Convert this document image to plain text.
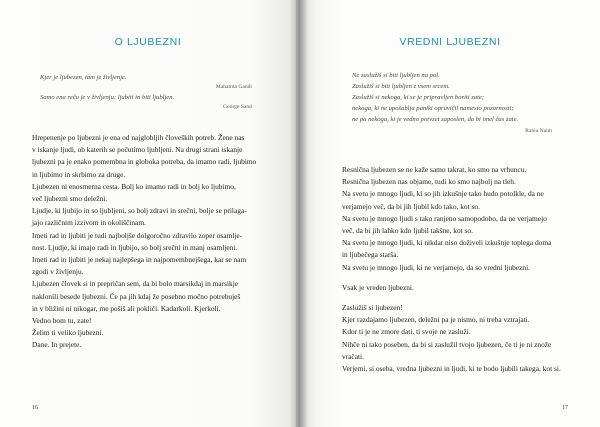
O LJUBEZNI
Kjer je ljubezen, tam je življenje.
Mahatma Gandi
Samo ena reča je v življenju: ljubiti in biti ljubljen.
George Sand

Hrepenenje po ljubezni je ena od najglobljih človeških potreb. Žene nas

v iskanje ljudi, ob katerih se počutimo ljubljeni. Na drugi strani iskanje

ljubezni pa je enako pomembna in globoka potreba, da imamo radi, ljubimo

in ljubimo in skrbimo za druge.

Ljubezen ni enosmerna cesta. Bolj ko imamo radi in bolj ko ljubimo,

več ljubezni smo deležni.

Ljudje, ki ljubijo in so ljubljeni, so bolj zdravi in srečni, bolje se prilaga-

jajo različnim izzivom in okoliščinam.

Imeti rad in ljubiti je tudi najboljše dolgoročno zdravilo zoper osamlje-

nost. Ljudje, ki imajo radi in ljubijo, so bolj srečni in manj osamljeni.

Imeti rad in ljubiti je nekaj najlepšega in najpomembnejšega, kar se nam

zgodi v življenju.

Ljubezen človek si in prepričan sem, da bi bolo marsikdaj in marsikje

naklonili besede ljubezni. Če pa jih kdaj že posebno močno potrebuješ

in v bližini ni nikogar, me pošiš ali pokliči. Kadarkoli. Kjerkoli.

Vedno bom tu, zate!

Želim ti veliko ljubezni.

Dane. In prejete.

16
VREDNI LJUBEZNI
Ne zaslužiš si biti ljubljen na pol.
Zaslužiš si biti ljubljen z vsem srcem.
Zaslužiš si nekoga, ki se je pripravljen boriti zate;
nekoga, ki ne upošablja paniki opravičil namesto pozornosti;
ne pa nekoga, ki je vedno prevzet zaposlen, da bi imel čas zate.
Rania Naim

Resnična ljubezen se ne kaže samo takrat, ko smo na vrhuncu.

Resnična ljubezen nas objame, tudi ko smo najbolj na tleh.

Na svetu je mnogo ljudi, ki so jih izkušnje tako hudo potolkle, da ne

verjamejo več, da bi jih ljubil kdo tako, kot so.

Na svetu je mnogo ljudi s tako ranjeno samopodobo, da ne verjamejo

več, da bi jih lahko kdo ljubil takšne, kot so.

Na svetu je mnogo ljudi, ki nikdar niso doživeli izkušnje toplega doma

in ljubečega starša.

Na svetu je mnogo ljudi, ki ne verjamejo, da so vredni ljubezni.

Vsak je vreden ljubezni.

Zaslužiš si ljubezen!

Kjer razdajamo ljubezen, deležni pa je nismo, ni treba vztrajati.

Kdor ti je ne zmore dati, ti svoje ne zasluži.

Nihče ni tako poseben, da bi si zaslužil tvojo ljubezen, če ti je ni znože

vračati.

Verjemi, si oseba, vredna ljubezni in ljudi, ki te bodo ljubili takega, kot si.

17
